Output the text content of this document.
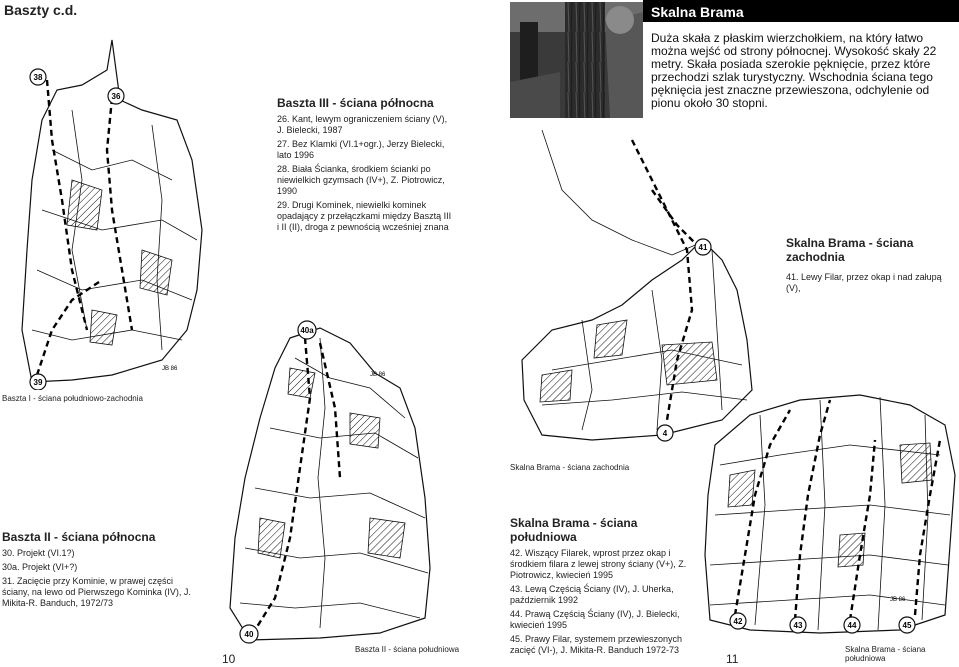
Baszty c.d.
38
36
39
JB 86
Baszta III - ściana północna

26. Kant, lewym ograniczeniem ściany (V), J. Bielecki, 1987

27. Bez Klamki (VI.1+ogr.), Jerzy Bielecki, lato 1996

28. Biała Ścianka, środkiem ścianki po niewielkich gzymsach (IV+), Z. Piotrowicz, 1990

29. Drugi Kominek, niewielki kominek opadający z przełączkami między Basztą III i II (II), droga z pewnością wcześniej znana

Baszta I - ściana południowo-zachodnia
40a
40
JB 86
Baszta II - ściana północna

30. Projekt (VI.1?)

30a. Projekt (VI+?)

31. Zacięcie przy Kominie, w prawej części ściany, na lewo od Pierwszego Kominka (IV), J. Mikita-R. Banduch, 1972/73

Baszta II - ściana południowa
10
Skalna Brama
Duża skała z płaskim wierzchołkiem, na który łatwo można wejść od strony północnej. Wysokość skały 22 metry. Skała posiada szerokie pęknięcie, przez które przechodzi szlak turystyczny. Wschodnia ściana tego pęknięcia jest znaczne przewieszona, odchylenie od pionu około 30 stopni.
41
4
Skalna Brama - ściana zachodnia

41. Lewy Filar, przez okap i nad załupą (V),

Skalna Brama - ściana zachodnia
42	43	44	45
JB 86
Skalna Brama - ściana południowa

42. Wiszący Filarek, wprost przez okap i środkiem filara z lewej strony ściany (V+), Z. Piotrowicz, kwiecień 1995

43. Lewą Częścią Ściany (IV), J. Uherka, październik 1992

44. Prawą Częścią Ściany (IV), J. Bielecki, kwiecień 1995

45. Prawy Filar, systemem przewieszonych zacięć (VI-), J. Mikita-R. Banduch 1972-73	Skalna Brama - ściana południowa
11
